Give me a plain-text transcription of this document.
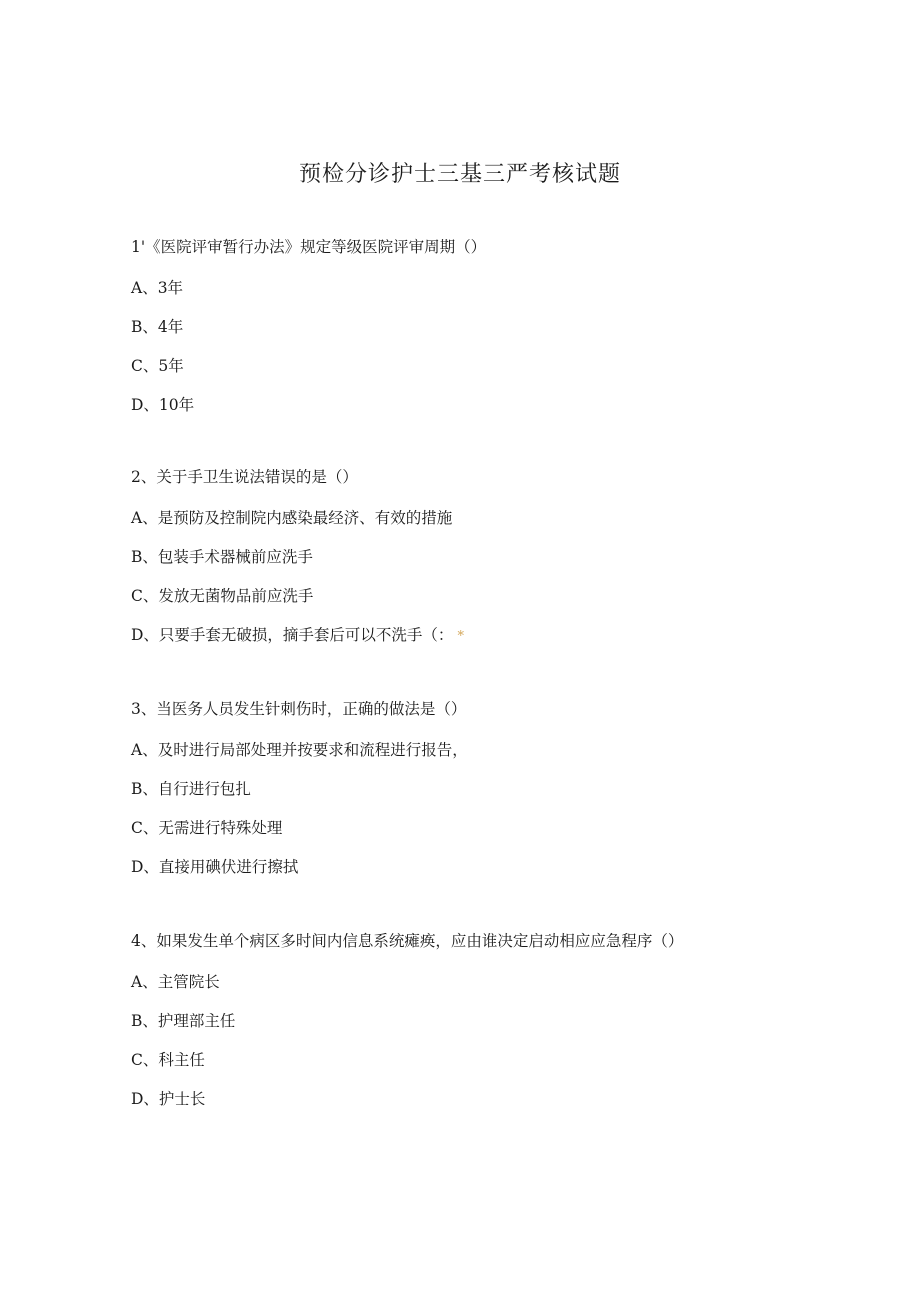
预检分诊护士三基三严考核试题

1'《医院评审暂行办法》规定等级医院评审周期（）

A、3年

B、4年

C、5年

D、10年

2、关于手卫生说法错误的是（）

A、是预防及控制院内感染最经济、有效的措施

B、包装手术器械前应洗手

C、发放无菌物品前应洗手

D、只要手套无破损，摘手套后可以不洗手（： *

3、当医务人员发生针刺伤时，正确的做法是（）

A、及时进行局部处理并按要求和流程进行报告，

B、自行进行包扎

C、无需进行特殊处理

D、直接用碘伏进行擦拭

4、如果发生单个病区多时间内信息系统瘫痪，应由谁决定启动相应应急程序（）

A、主管院长

B、护理部主任

C、科主任

D、护士长
